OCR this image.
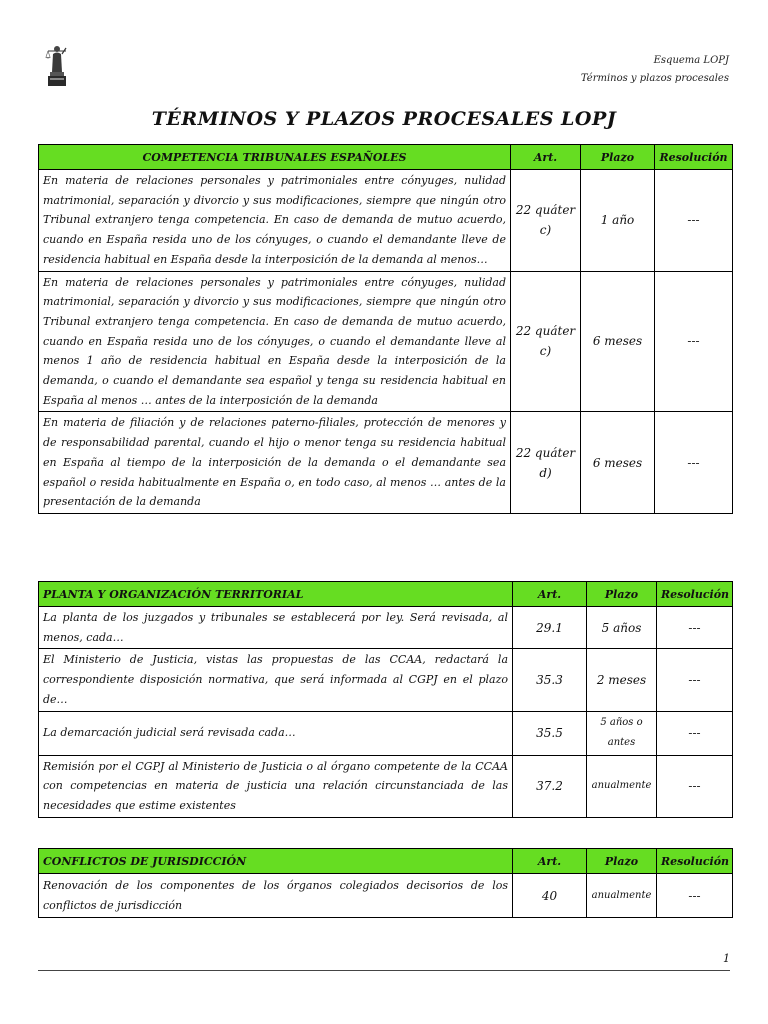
Esquema LOPJ
Términos y plazos procesales
TÉRMINOS Y PLAZOS PROCESALES LOPJ
COMPETENCIA TRIBUNALES ESPAÑOLES	Art.	Plazo	Resolución
En materia de relaciones personales y patrimoniales entre cónyuges, nulidad matrimonial, separación y divorcio y sus modificaciones, siempre que ningún otro Tribunal extranjero tenga competencia. En caso de demanda de mutuo acuerdo, cuando en España resida uno de los cónyuges, o cuando el demandante lleve de residencia habitual en España desde la interposición de la demanda al menos…	22 quáter c)	1 año	---
En materia de relaciones personales y patrimoniales entre cónyuges, nulidad matrimonial, separación y divorcio y sus modificaciones, siempre que ningún otro Tribunal extranjero tenga competencia. En caso de demanda de mutuo acuerdo, cuando en España resida uno de los cónyuges, o cuando el demandante lleve al menos 1 año de residencia habitual en España desde la interposición de la demanda, o cuando el demandante sea español y tenga su residencia habitual en España al menos … antes de la interposición de la demanda	22 quáter c)	6 meses	---
En materia de filiación y de relaciones paterno-filiales, protección de menores y de responsabilidad parental, cuando el hijo o menor tenga su residencia habitual en España al tiempo de la interposición de la demanda o el demandante sea español o resida habitualmente en España o, en todo caso, al menos … antes de la presentación de la demanda	22 quáter d)	6 meses	---
PLANTA Y ORGANIZACIÓN TERRITORIAL	Art.	Plazo	Resolución
La planta de los juzgados y tribunales se establecerá por ley. Será revisada, al menos, cada…	29.1	5 años	---
El Ministerio de Justicia, vistas las propuestas de las CCAA, redactará la correspondiente disposición normativa, que será informada al CGPJ en el plazo de…	35.3	2 meses	---
La demarcación judicial será revisada cada…	35.5	5 años o antes	---
Remisión por el CGPJ al Ministerio de Justicia o al órgano competente de la CCAA con competencias en materia de justicia una relación circunstanciada de las necesidades que estime existentes	37.2	anualmente	---
CONFLICTOS DE JURISDICCIÓN	Art.	Plazo	Resolución
Renovación de los componentes de los órganos colegiados decisorios de los conflictos de jurisdicción	40	anualmente	---
1
